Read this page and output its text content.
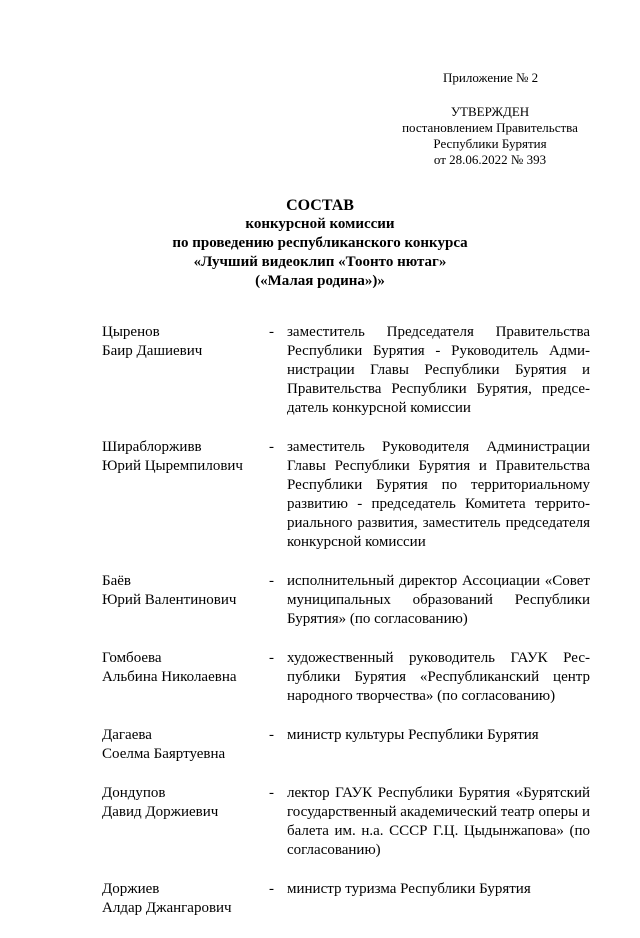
Приложение № 2
УТВЕРЖДЕН
постановлением Правительства
Республики Бурятия
от 28.06.2022 № 393
СОСТАВ
конкурсной комиссии
по проведению республиканского конкурса
«Лучший видеоклип «Тоонто нютаг»
(«Малая родина»)»
Цыренов
Баир Дашиевич
- заместитель Председателя Правительства Республики Бурятия - Руководитель Администрации Главы Республики Бурятия и Правительства Республики Бурятия, председатель конкурсной комиссии
Шираблорживв
Юрий Цыремпилович
- заместитель Руководителя Администрации Главы Республики Бурятия и Правительства Республики Бурятия по территориальному развитию - председатель Комитета территориального развития, заместитель председателя конкурсной комиссии
Баёв
Юрий Валентинович
- исполнительный директор Ассоциации «Совет муниципальных образований Республики Бурятия» (по согласованию)
Гомбоева
Альбина Николаевна
- художественный руководитель ГАУК Республики Бурятия «Республиканский центр народного творчества» (по согласованию)
Дагаева
Соелма Баяртуевна
- министр культуры Республики Бурятия
Дондупов
Давид Доржиевич
- лектор ГАУК Республики Бурятия «Бурятский государственный академический театр оперы и балета им. н.а. СССР Г.Ц. Цыдынжапова» (по согласованию)
Доржиев
Алдар Джангарович
- министр туризма Республики Бурятия
